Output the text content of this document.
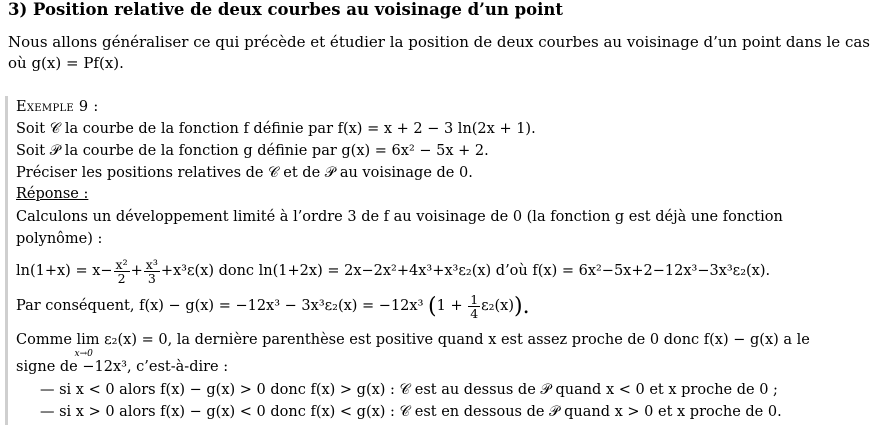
3) Position relative de deux courbes au voisinage d’un point
Nous allons généraliser ce qui précède et étudier la position de deux courbes au voisinage d’un point dans le cas
où g(x) = Pf(x).
Exemple 9 :
Soit 𝒞 la courbe de la fonction f définie par f(x) = x + 2 − 3 ln(2x + 1).
Soit 𝒫 la courbe de la fonction g définie par g(x) = 6x² − 5x + 2.
Préciser les positions relatives de 𝒞 et de 𝒫 au voisinage de 0.
Réponse :
Calculons un développement limité à l’ordre 3 de f au voisinage de 0 (la fonction g est déjà une fonction
polynôme) :
$\ln(1+x) = x- \frac{\text{x²}}{2} + \frac{\text{x³}}{3} +x^3\varepsilon(x)$ donc ln(1+2x) = 2x−2x²+4x³+x³ε₂(x) d’où f(x) = 6x²−5x+2−12x³−3x³ε₂(x).
Par conséquent, f(x) − g(x) = −12x³ − 3x³ε₂(x) = −12x³ $(1 + \frac{1}{4} \varepsilon_2(x))$.
Comme lim
x→0
ε₂(x) = 0, la dernière parenthèse est positive quand x est assez proche de 0 donc f(x) − g(x) a le
signe de −12x³, c’est-à-dire :
— si x < 0 alors f(x) − g(x) > 0 donc f(x) > g(x) : 𝒞 est au dessus de 𝒫 quand x < 0 et x proche de 0 ;
— si x > 0 alors f(x) − g(x) < 0 donc f(x) < g(x) : 𝒞 est en dessous de 𝒫 quand x > 0 et x proche de 0.
